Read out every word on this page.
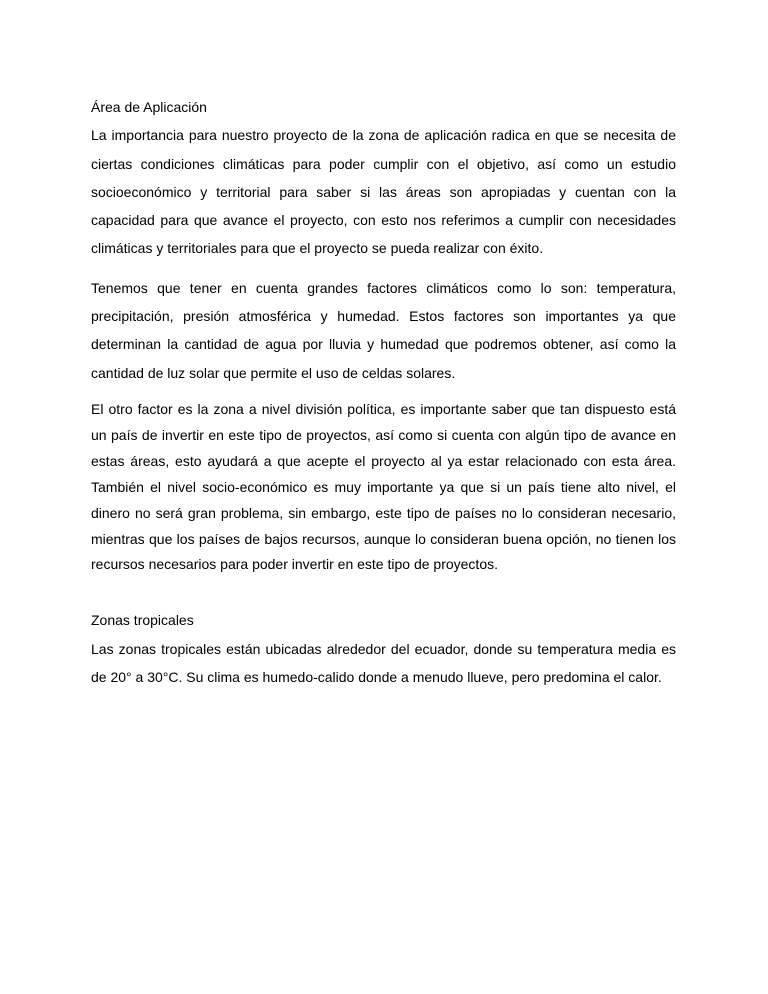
Área de Aplicación

La importancia para nuestro proyecto de la zona de aplicación radica en que se necesita de ciertas condiciones climáticas para poder cumplir con el objetivo, así como un estudio socioeconómico y territorial para saber si las áreas son apropiadas y cuentan con la capacidad para que avance el proyecto, con esto nos referimos a cumplir con necesidades climáticas y territoriales para que el proyecto se pueda realizar con éxito.

Tenemos que tener en cuenta grandes factores climáticos como lo son: temperatura, precipitación, presión atmosférica y humedad. Estos factores son importantes ya que determinan la cantidad de agua por lluvia y humedad que podremos obtener, así como la cantidad de luz solar que permite el uso de celdas solares.

El otro factor es la zona a nivel división política, es importante saber que tan dispuesto está un país de invertir en este tipo de proyectos, así como si cuenta con algún tipo de avance en estas áreas, esto ayudará a que acepte el proyecto al ya estar relacionado con esta área. También el nivel socio-económico es muy importante ya que si un país tiene alto nivel, el dinero no será gran problema, sin embargo, este tipo de países no lo consideran necesario, mientras que los países de bajos recursos, aunque lo consideran buena opción, no tienen los recursos necesarios para poder invertir en este tipo de proyectos.

Zonas tropicales

Las zonas tropicales están ubicadas alrededor del ecuador, donde su temperatura media es de 20° a 30°C. Su clima es humedo-calido donde a menudo llueve, pero predomina el calor.
